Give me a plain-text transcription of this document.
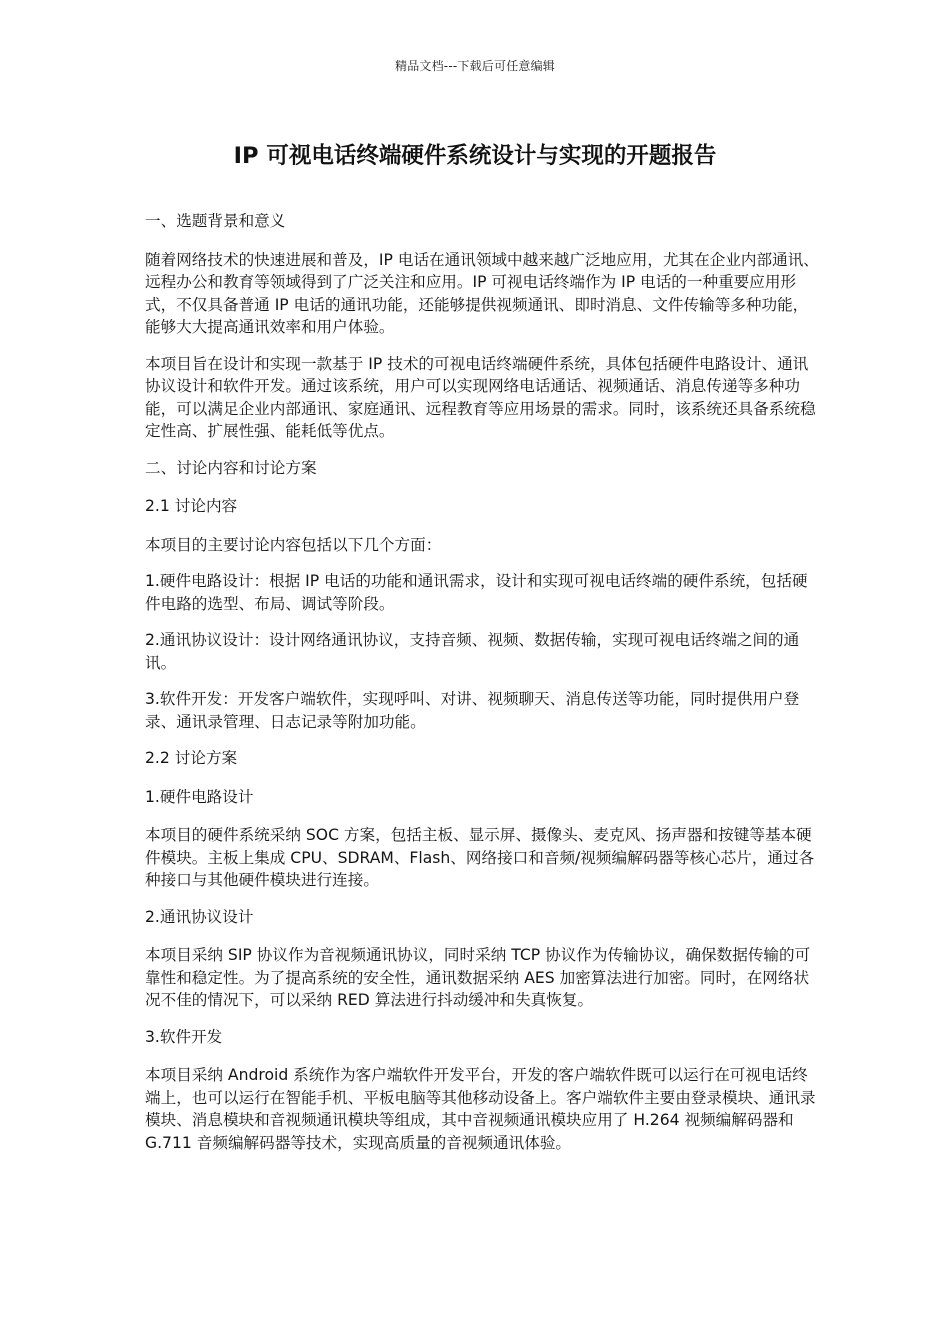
精品文档---下载后可任意编辑
IP 可视电话终端硬件系统设计与实现的开题报告

一、选题背景和意义

随着网络技术的快速进展和普及，IP 电话在通讯领域中越来越广泛地应用，尤其在企业内部通讯、远程办公和教育等领域得到了广泛关注和应用。IP 可视电话终端作为 IP 电话的一种重要应用形式，不仅具备普通 IP 电话的通讯功能，还能够提供视频通讯、即时消息、文件传输等多种功能，能够大大提高通讯效率和用户体验。

本项目旨在设计和实现一款基于 IP 技术的可视电话终端硬件系统，具体包括硬件电路设计、通讯协议设计和软件开发。通过该系统，用户可以实现网络电话通话、视频通话、消息传递等多种功能，可以满足企业内部通讯、家庭通讯、远程教育等应用场景的需求。同时，该系统还具备系统稳定性高、扩展性强、能耗低等优点。

二、讨论内容和讨论方案

2.1 讨论内容

本项目的主要讨论内容包括以下几个方面：

1.硬件电路设计：根据 IP 电话的功能和通讯需求，设计和实现可视电话终端的硬件系统，包括硬件电路的选型、布局、调试等阶段。

2.通讯协议设计：设计网络通讯协议，支持音频、视频、数据传输，实现可视电话终端之间的通讯。

3.软件开发：开发客户端软件，实现呼叫、对讲、视频聊天、消息传送等功能，同时提供用户登录、通讯录管理、日志记录等附加功能。

2.2 讨论方案

1.硬件电路设计

本项目的硬件系统采纳 SOC 方案，包括主板、显示屏、摄像头、麦克风、扬声器和按键等基本硬件模块。主板上集成 CPU、SDRAM、Flash、网络接口和音频/视频编解码器等核心芯片，通过各种接口与其他硬件模块进行连接。

2.通讯协议设计

本项目采纳 SIP 协议作为音视频通讯协议，同时采纳 TCP 协议作为传输协议，确保数据传输的可靠性和稳定性。为了提高系统的安全性，通讯数据采纳 AES 加密算法进行加密。同时，在网络状况不佳的情况下，可以采纳 RED 算法进行抖动缓冲和失真恢复。

3.软件开发

本项目采纳 Android 系统作为客户端软件开发平台，开发的客户端软件既可以运行在可视电话终端上，也可以运行在智能手机、平板电脑等其他移动设备上。客户端软件主要由登录模块、通讯录模块、消息模块和音视频通讯模块等组成，其中音视频通讯模块应用了 H.264 视频编解码器和 G.711 音频编解码器等技术，实现高质量的音视频通讯体验。
